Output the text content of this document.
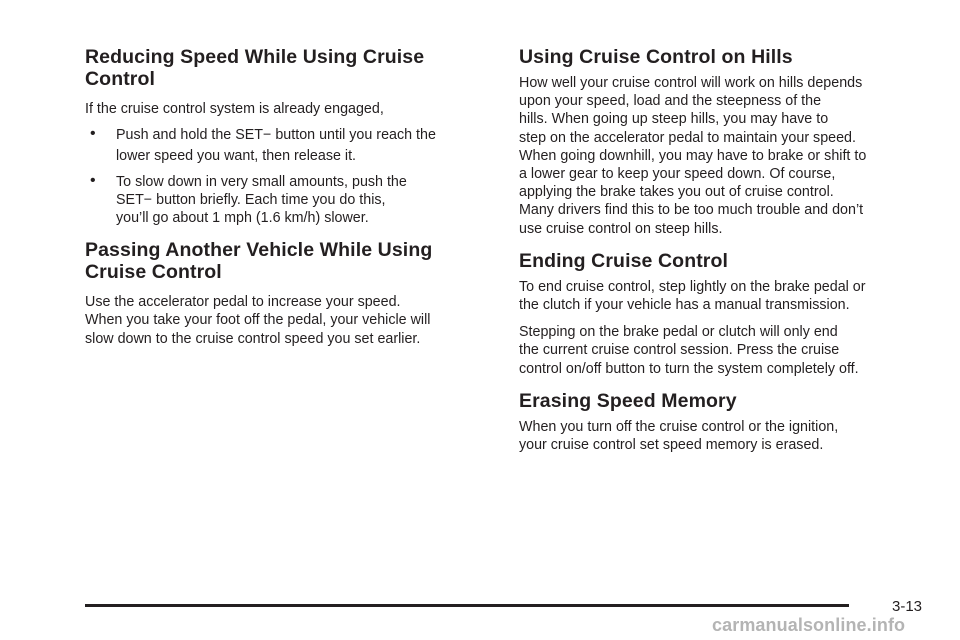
Reducing Speed While Using Cruise
Control

If the cruise control system is already engaged,

• Push and hold the SET− button until you reach the
lower speed you want, then release it.
• To slow down in very small amounts, push the
SET− button briefly. Each time you do this,
you’ll go about 1 mph (1.6 km/h) slower.
Passing Another Vehicle While Using
Cruise Control

Use the accelerator pedal to increase your speed.
When you take your foot off the pedal, your vehicle will
slow down to the cruise control speed you set earlier.

Using Cruise Control on Hills

How well your cruise control will work on hills depends
upon your speed, load and the steepness of the
hills. When going up steep hills, you may have to
step on the accelerator pedal to maintain your speed.
When going downhill, you may have to brake or shift to
a lower gear to keep your speed down. Of course,
applying the brake takes you out of cruise control.
Many drivers find this to be too much trouble and don’t
use cruise control on steep hills.

Ending Cruise Control

To end cruise control, step lightly on the brake pedal or
the clutch if your vehicle has a manual transmission.

Stepping on the brake pedal or clutch will only end
the current cruise control session. Press the cruise
control on/off button to turn the system completely off.

Erasing Speed Memory

When you turn off the cruise control or the ignition,
your cruise control set speed memory is erased.

3-13
carmanualsonline.info
